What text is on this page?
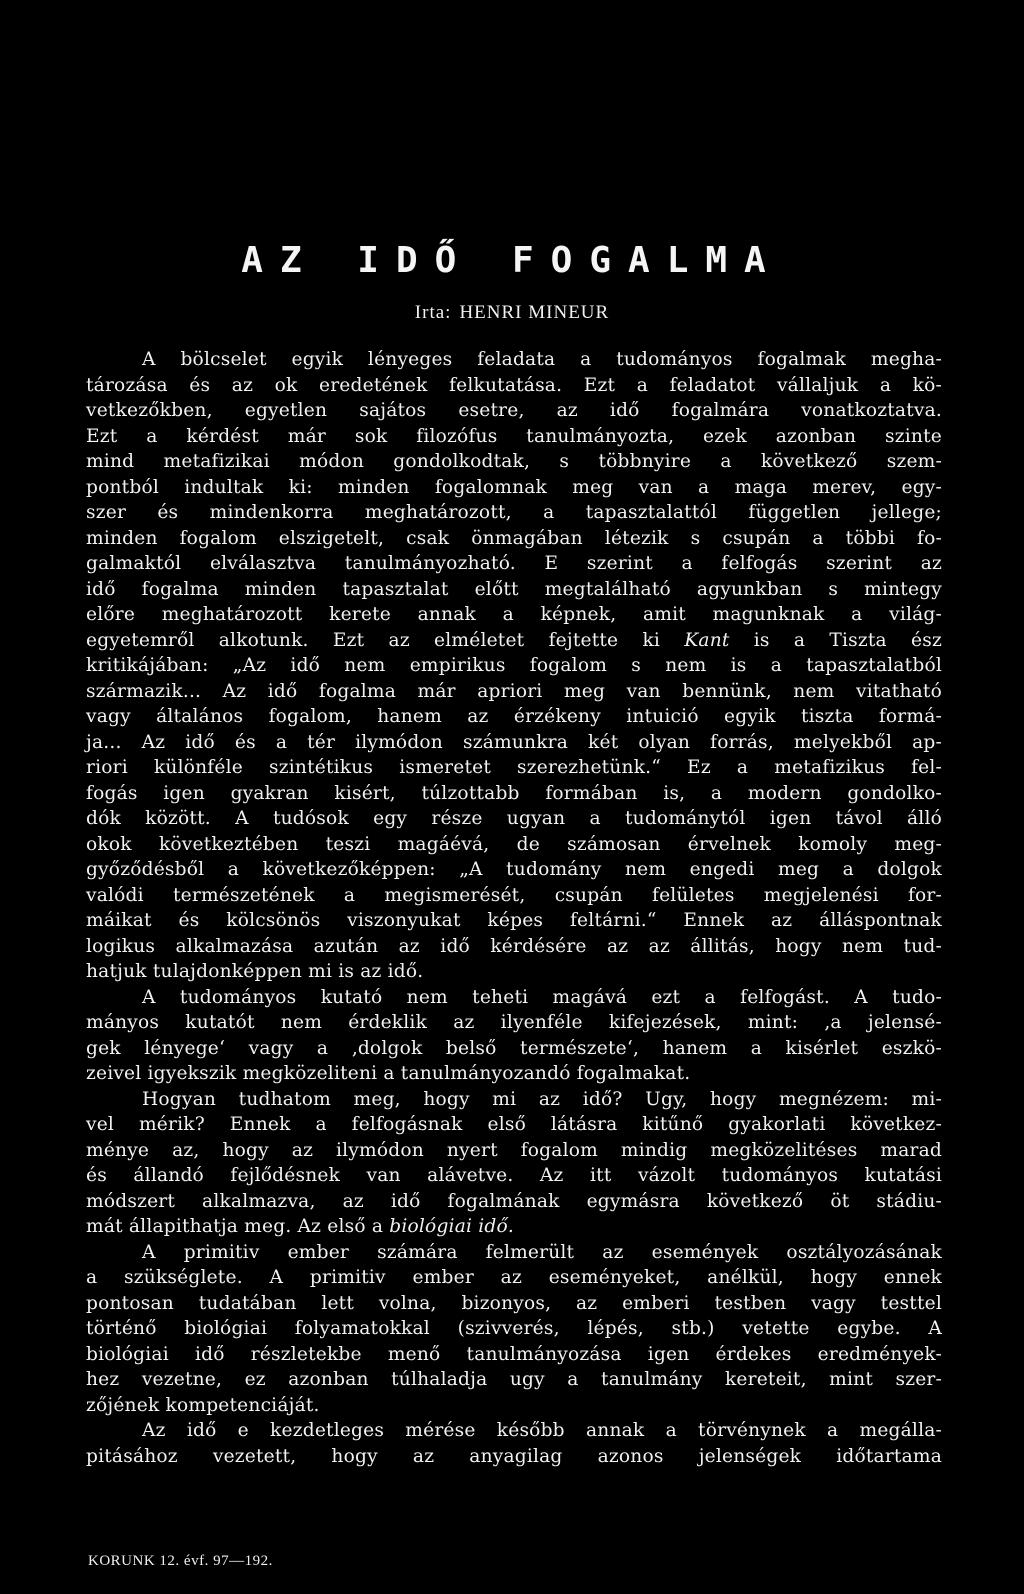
AZ IDŐ FOGALMA
Irta: HENRI MINEUR
A bölcselet egyik lényeges feladata a tudományos fogalmak megha-
tározása és az ok eredetének felkutatása. Ezt a feladatot vállaljuk a kö-
vetkezőkben, egyetlen sajátos esetre, az idő fogalmára vonatkoztatva.
Ezt a kérdést már sok filozófus tanulmányozta, ezek azonban szinte
mind metafizikai módon gondolkodtak, s többnyire a következő szem-
pontból indultak ki: minden fogalomnak meg van a maga merev, egy-
szer és mindenkorra meghatározott, a tapasztalattól független jellege;
minden fogalom elszigetelt, csak önmagában létezik s csupán a többi fo-
galmaktól elválasztva tanulmányozható. E szerint a felfogás szerint az
idő fogalma minden tapasztalat előtt megtalálható agyunkban s mintegy
előre meghatározott kerete annak a képnek, amit magunknak a világ-
egyetemről alkotunk. Ezt az elméletet fejtette ki Kant is a Tiszta ész
kritikájában: „Az idő nem empirikus fogalom s nem is a tapasztalatból
származik... Az idő fogalma már apriori meg van bennünk, nem vitatható
vagy általános fogalom, hanem az érzékeny intuició egyik tiszta formá-
ja... Az idő és a tér ilymódon számunkra két olyan forrás, melyekből ap-
riori különféle szintétikus ismeretet szerezhetünk.“ Ez a metafizikus fel-
fogás igen gyakran kisért, túlzottabb formában is, a modern gondolko-
dók között. A tudósok egy része ugyan a tudománytól igen távol álló
okok következtében teszi magáévá, de számosan érvelnek komoly meg-
győződésből a következőképpen: „A tudomány nem engedi meg a dolgok
valódi természetének a megismerését, csupán felületes megjelenési for-
máikat és kölcsönös viszonyukat képes feltárni.“ Ennek az álláspontnak
logikus alkalmazása azután az idő kérdésére az az állitás, hogy nem tud-
hatjuk tulajdonképpen mi is az idő.
A tudományos kutató nem teheti magává ezt a felfogást. A tudo-
mányos kutatót nem érdeklik az ilyenféle kifejezések, mint: ‚a jelensé-
gek lényege‘ vagy a ‚dolgok belső természete‘, hanem a kisérlet eszkö-
zeivel igyekszik megközeliteni a tanulmányozandó fogalmakat.
Hogyan tudhatom meg, hogy mi az idő? Ugy, hogy megnézem: mi-
vel mérik? Ennek a felfogásnak első látásra kitűnő gyakorlati következ-
ménye az, hogy az ilymódon nyert fogalom mindig megközelitéses marad
és állandó fejlődésnek van alávetve. Az itt vázolt tudományos kutatási
módszert alkalmazva, az idő fogalmának egymásra következő öt stádiu-
mát állapithatja meg. Az első a biológiai idő.
A primitiv ember számára felmerült az események osztályozásának
a szükséglete. A primitiv ember az eseményeket, anélkül, hogy ennek
pontosan tudatában lett volna, bizonyos, az emberi testben vagy testtel
történő biológiai folyamatokkal (szivverés, lépés, stb.) vetette egybe. A
biológiai idő részletekbe menő tanulmányozása igen érdekes eredmények-
hez vezetne, ez azonban túlhaladja ugy a tanulmány kereteit, mint szer-
zőjének kompetenciáját.
Az idő e kezdetleges mérése később annak a törvénynek a megálla-
pitásához vezetett, hogy az anyagilag azonos jelenségek időtartama
KORUNK 12. évf. 97—192.
